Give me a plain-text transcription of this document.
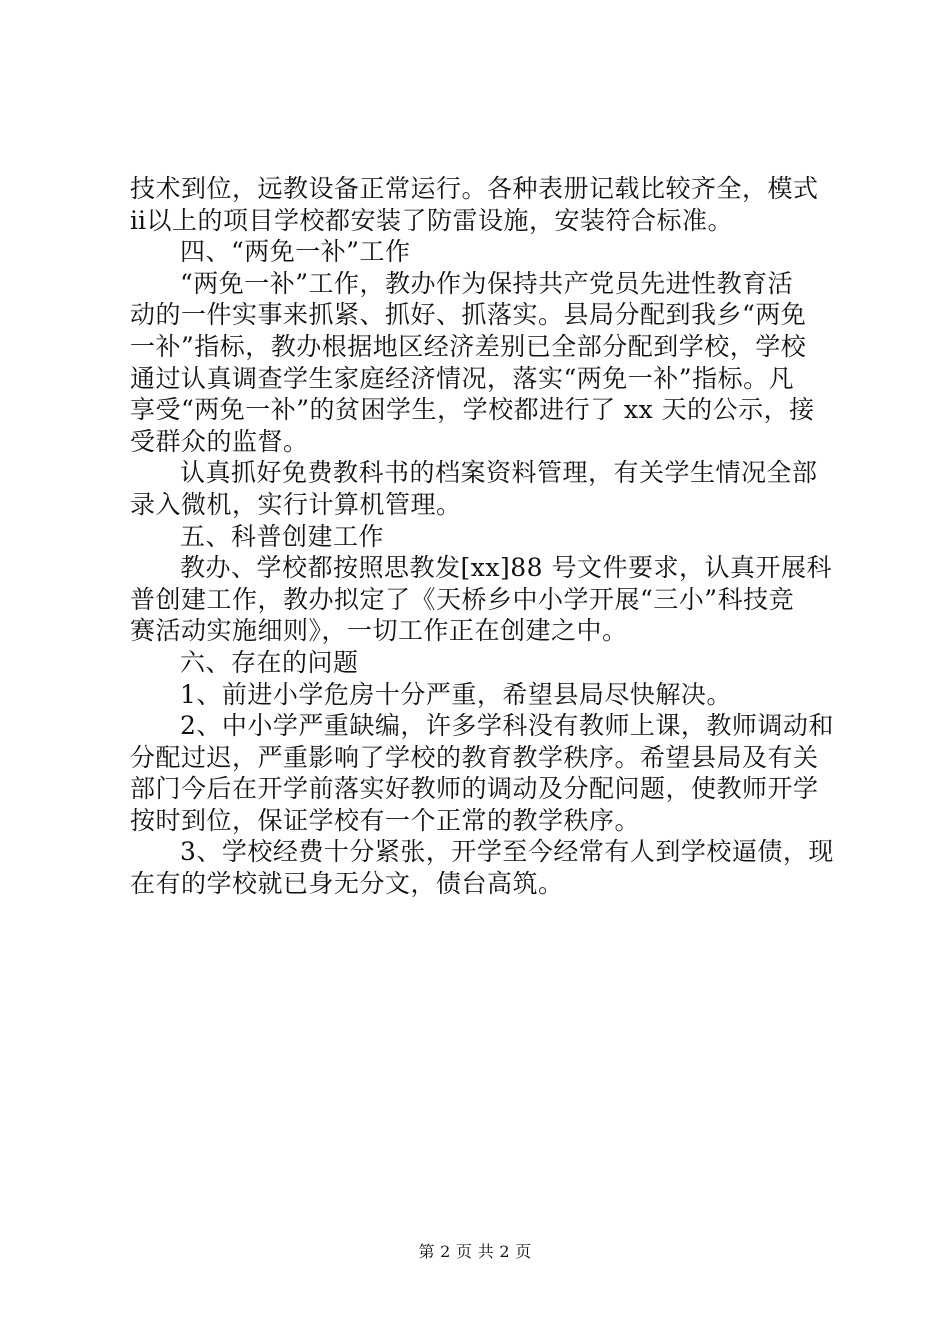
技术到位，远教设备正常运行。各种表册记载比较齐全，模式
ⅱ以上的项目学校都安装了防雷设施，安装符合标准。
四、“两免一补”工作
“两免一补”工作，教办作为保持共产党员先进性教育活
动的一件实事来抓紧、抓好、抓落实。县局分配到我乡“两免
一补”指标，教办根据地区经济差别已全部分配到学校，学校
通过认真调查学生家庭经济情况，落实“两免一补”指标。凡
享受“两免一补”的贫困学生，学校都进行了 xx 天的公示，接
受群众的监督。
认真抓好免费教科书的档案资料管理，有关学生情况全部
录入微机，实行计算机管理。
五、科普创建工作
教办、学校都按照思教发[xx]88 号文件要求，认真开展科
普创建工作，教办拟定了《天桥乡中小学开展“三小”科技竞
赛活动实施细则》，一切工作正在创建之中。
六、存在的问题
1、前进小学危房十分严重，希望县局尽快解决。
2、中小学严重缺编，许多学科没有教师上课，教师调动和
分配过迟，严重影响了学校的教育教学秩序。希望县局及有关
部门今后在开学前落实好教师的调动及分配问题，使教师开学
按时到位，保证学校有一个正常的教学秩序。
3、学校经费十分紧张，开学至今经常有人到学校逼债，现
在有的学校就已身无分文，债台高筑。
第 2 页 共 2 页
